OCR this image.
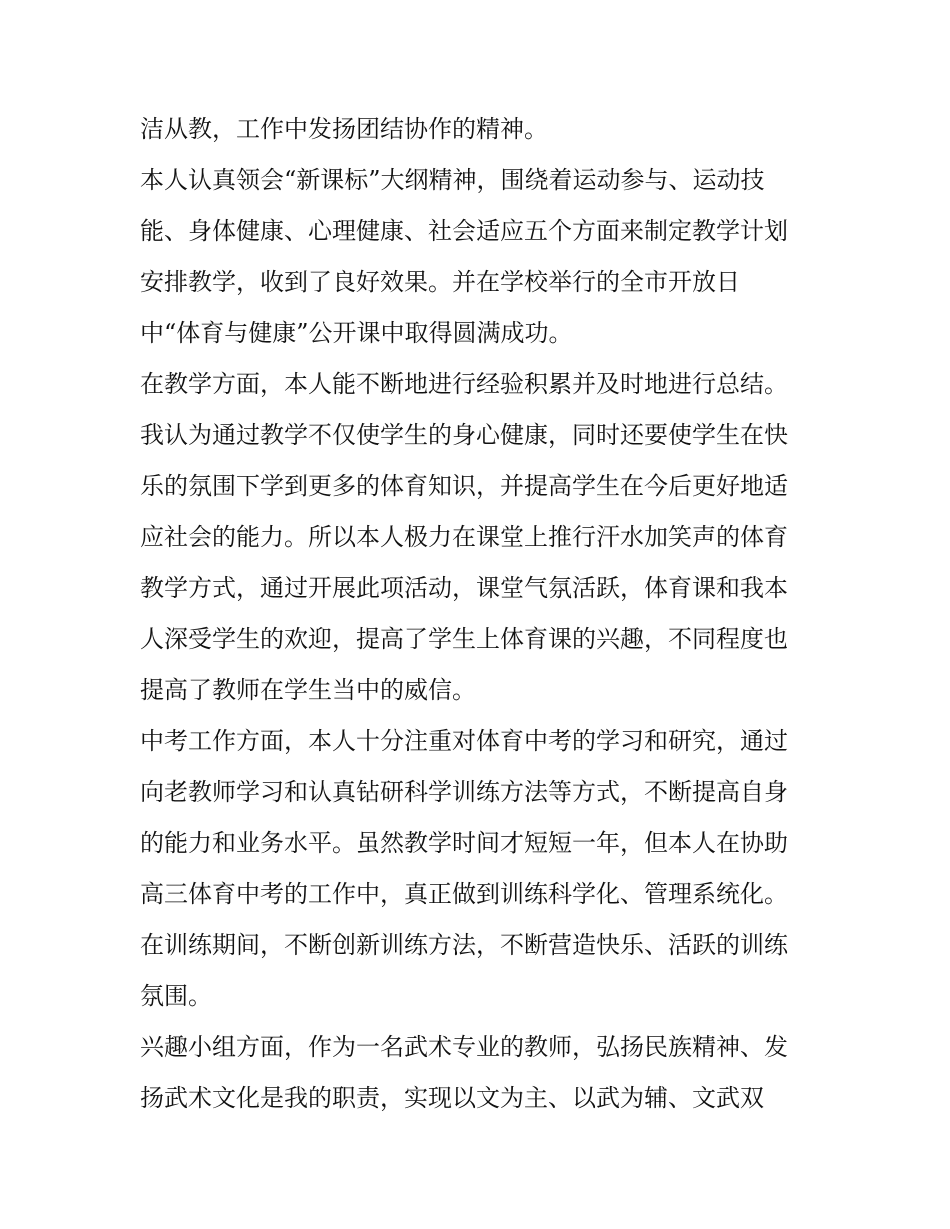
洁从教，工作中发扬团结协作的精神。
本人认真领会“新课标”大纲精神，围绕着运动参与、运动技
能、身体健康、心理健康、社会适应五个方面来制定教学计划
安排教学，收到了良好效果。并在学校举行的全市开放日
中“体育与健康”公开课中取得圆满成功。
在教学方面，本人能不断地进行经验积累并及时地进行总结。
我认为通过教学不仅使学生的身心健康，同时还要使学生在快
乐的氛围下学到更多的体育知识，并提高学生在今后更好地适
应社会的能力。所以本人极力在课堂上推行汗水加笑声的体育
教学方式，通过开展此项活动，课堂气氛活跃，体育课和我本
人深受学生的欢迎，提高了学生上体育课的兴趣，不同程度也
提高了教师在学生当中的威信。
中考工作方面，本人十分注重对体育中考的学习和研究，通过
向老教师学习和认真钻研科学训练方法等方式，不断提高自身
的能力和业务水平。虽然教学时间才短短一年，但本人在协助
高三体育中考的工作中，真正做到训练科学化、管理系统化。
在训练期间，不断创新训练方法，不断营造快乐、活跃的训练
氛围。
兴趣小组方面，作为一名武术专业的教师，弘扬民族精神、发
扬武术文化是我的职责，实现以文为主、以武为辅、文武双
